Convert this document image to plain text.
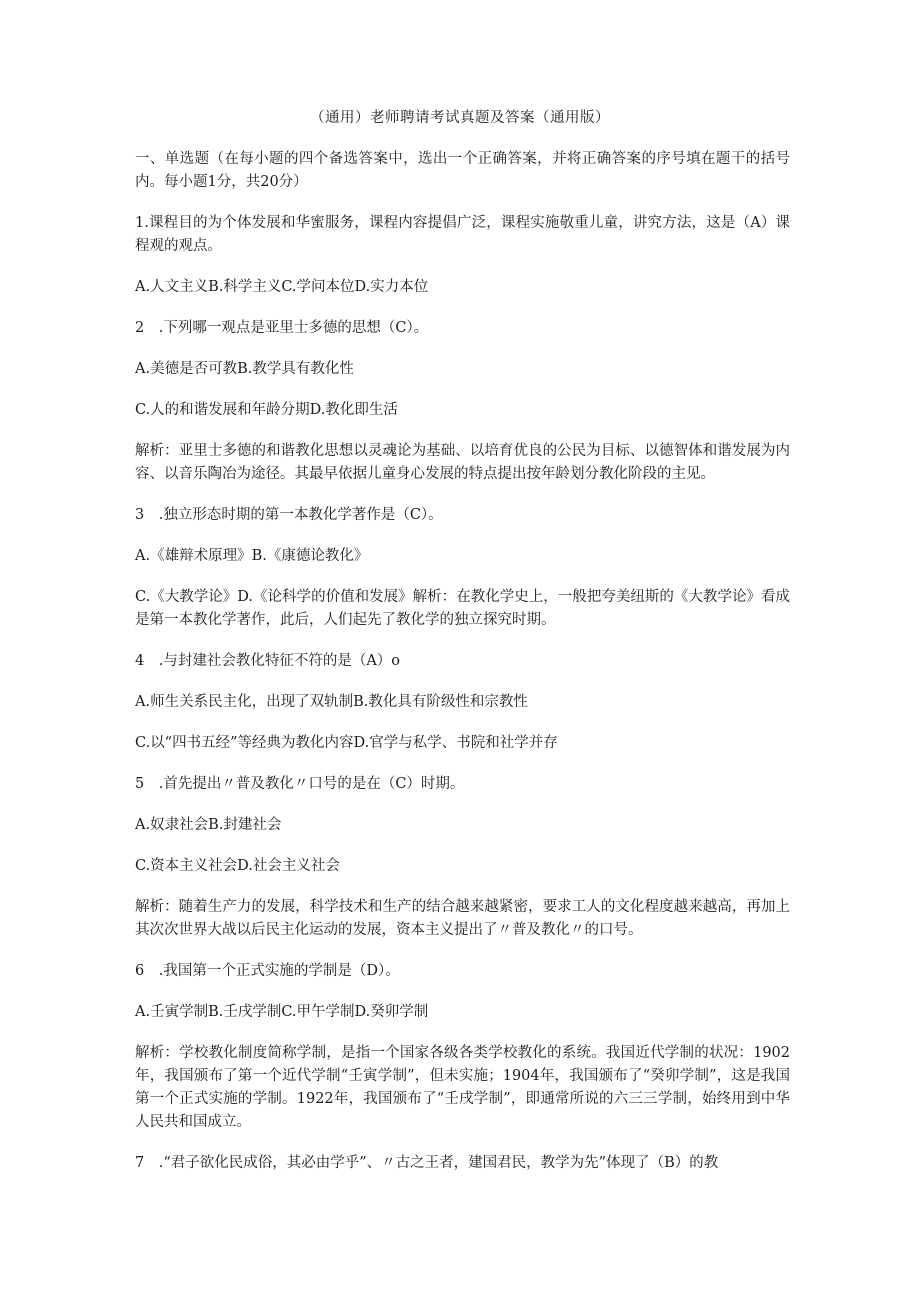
（通用）老师聘请考试真题及答案（通用版）

一、单选题（在每小题的四个备选答案中，选出一个正确答案，并将正确答案的序号填在题干的括号内。每小题1分，共20分）

1.课程目的为个体发展和华蜜服务，课程内容提倡广泛，课程实施敬重儿童，讲究方法，这是（A）课程观的观点。

A.人文主义B.科学主义C.学问本位D.实力本位

2　.下列哪一观点是亚里士多德的思想（C）。

A.美德是否可教B.教学具有教化性

C.人的和谐发展和年龄分期D.教化即生活

解析：亚里士多德的和谐教化思想以灵魂论为基础、以培育优良的公民为目标、以德智体和谐发展为内容、以音乐陶冶为途径。其最早依据儿童身心发展的特点提出按年龄划分教化阶段的主见。

3　.独立形态时期的第一本教化学著作是（C）。

A.《雄辩术原理》B.《康德论教化》

C.《大教学论》D.《论科学的价值和发展》解析：在教化学史上，一般把夸美纽斯的《大教学论》看成是第一本教化学著作，此后，人们起先了教化学的独立探究时期。

4　.与封建社会教化特征不符的是（A）o

A.师生关系民主化，出现了双轨制B.教化具有阶级性和宗教性

C.以“四书五经”等经典为教化内容D.官学与私学、书院和社学并存

5　.首先提出〃普及教化〃口号的是在（C）时期。

A.奴隶社会B.封建社会

C.资本主义社会D.社会主义社会

解析：随着生产力的发展，科学技术和生产的结合越来越紧密，要求工人的文化程度越来越高，再加上其次次世界大战以后民主化运动的发展，资本主义提出了〃普及教化〃的口号。

6　.我国第一个正式实施的学制是（D）。

A.壬寅学制B.壬戌学制C.甲午学制D.癸卯学制

解析：学校教化制度简称学制，是指一个国家各级各类学校教化的系统。我国近代学制的状况：1902年，我国颁布了第一个近代学制“壬寅学制”，但未实施；1904年，我国颁布了“癸卯学制”，这是我国第一个正式实施的学制。1922年，我国颁布了“壬戌学制”，即通常所说的六三三学制，始终用到中华人民共和国成立。

7　.“君子欲化民成俗，其必由学乎”、〃古之王者，建国君民，教学为先”体现了（B）的教
